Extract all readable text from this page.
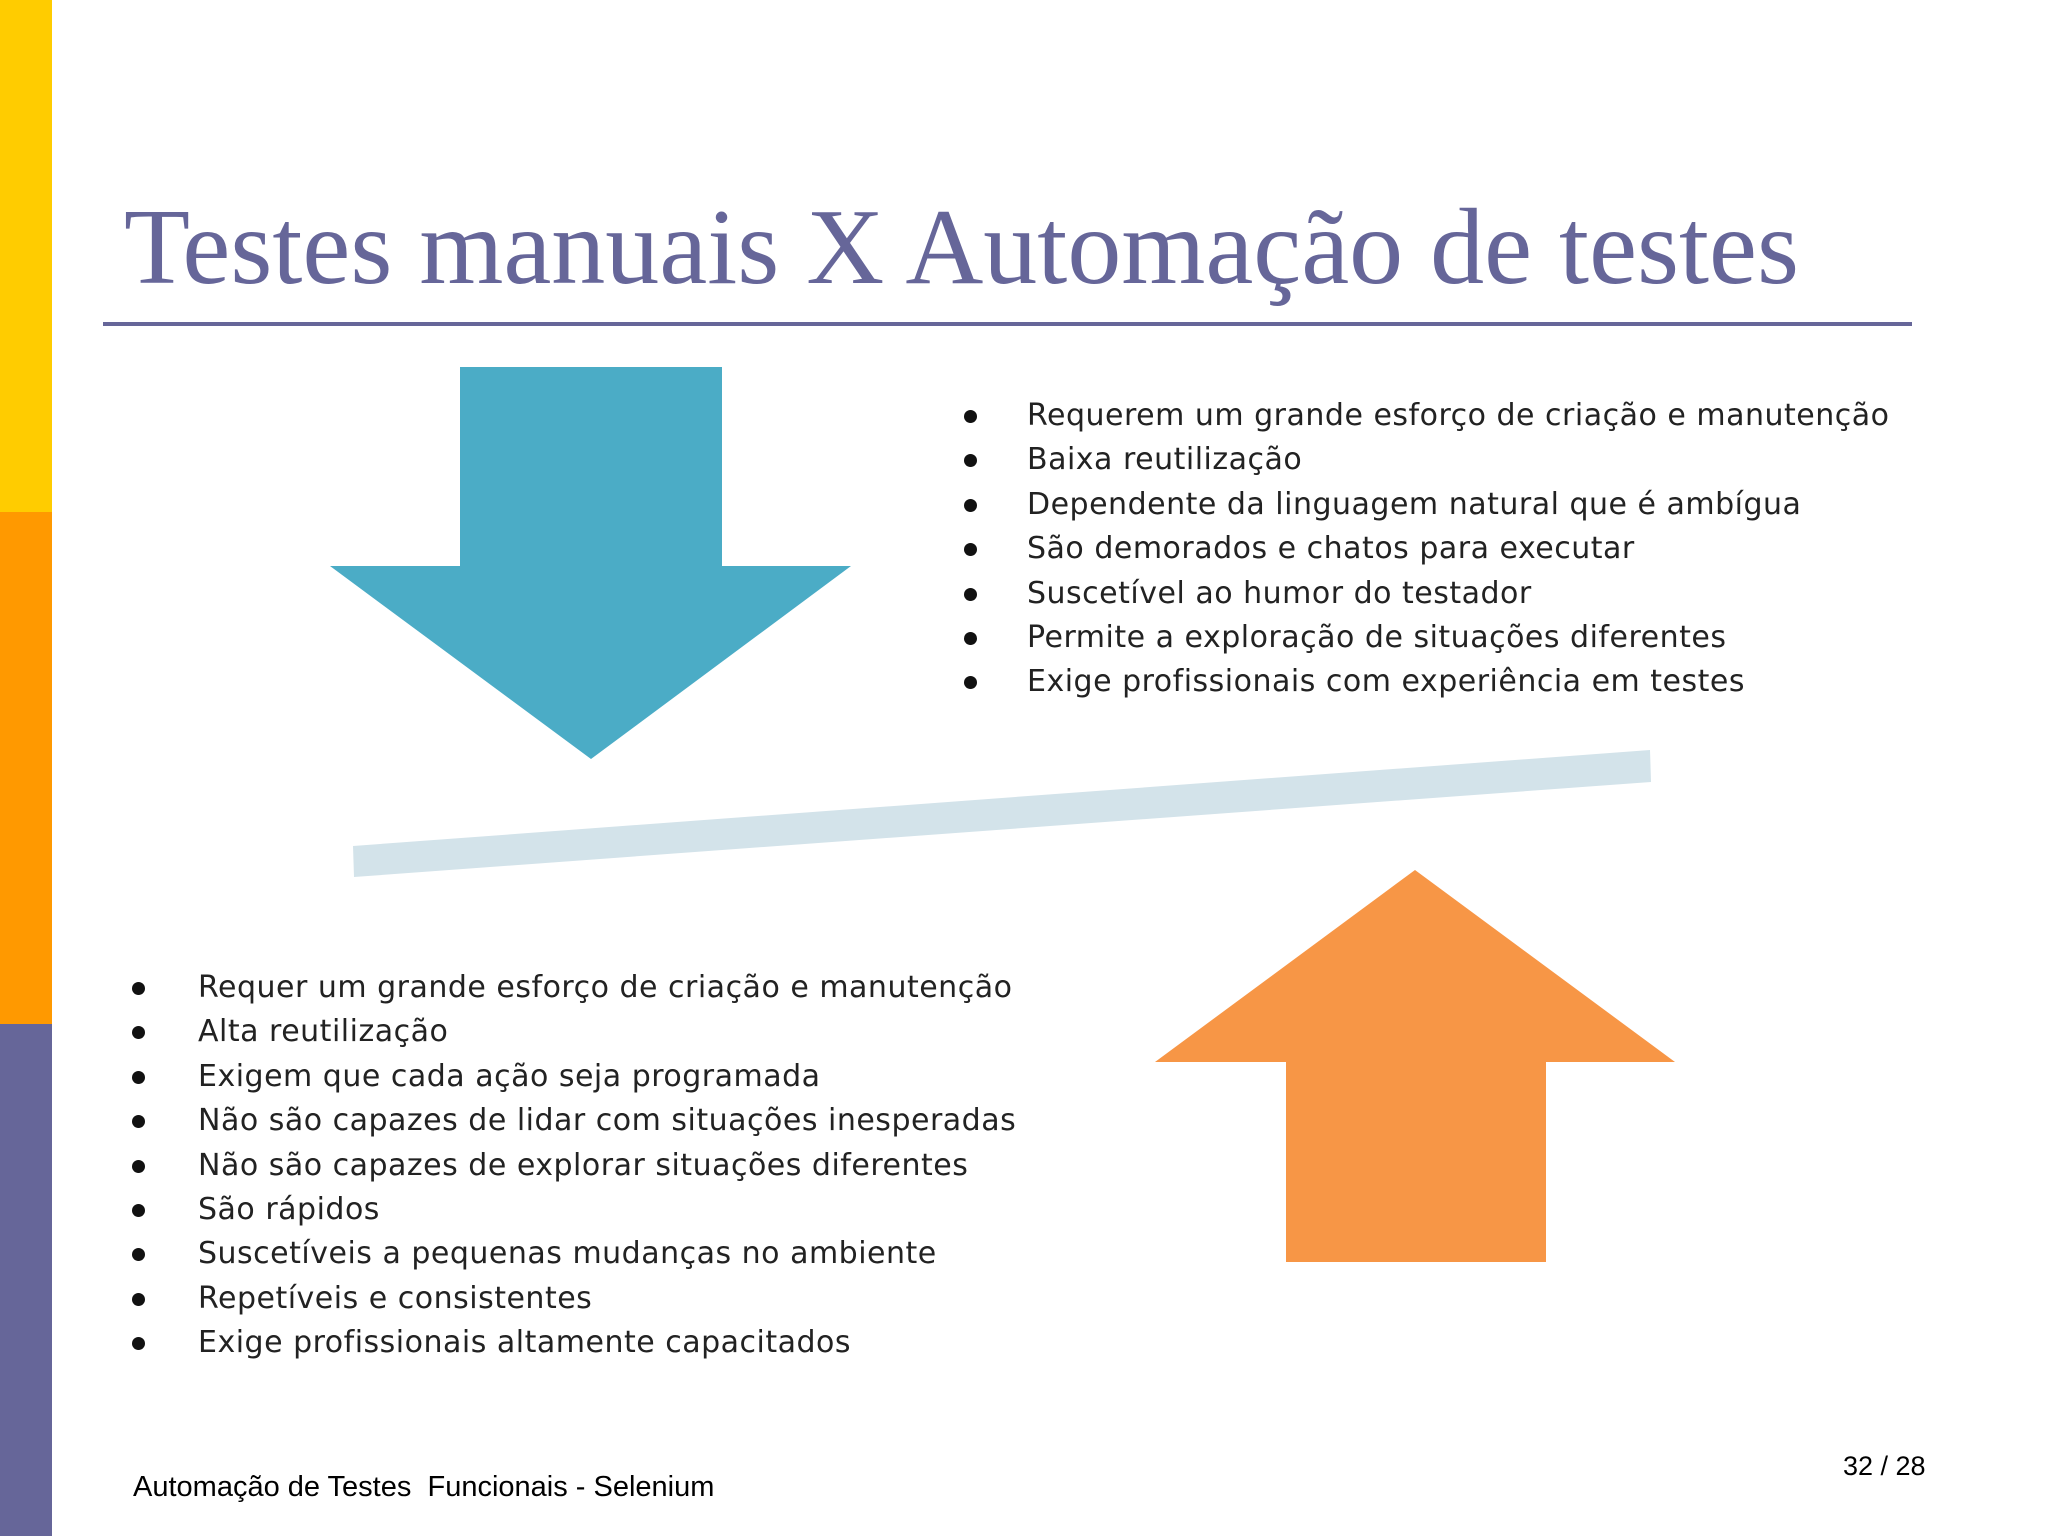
Testes manuais X Automação de testes
Requerem um grande esforço de criação e manutenção
Baixa reutilização
Dependente da linguagem natural que é ambígua
São demorados e chatos para executar
Suscetível ao humor do testador
Permite a exploração de situações diferentes
Exige profissionais com experiência em testes
Requer um grande esforço de criação e manutenção
Alta reutilização
Exigem que cada ação seja programada
Não são capazes de lidar com situações inesperadas
Não são capazes de explorar situações diferentes
São rápidos
Suscetíveis a pequenas mudanças no ambiente
Repetíveis e consistentes
Exige profissionais altamente capacitados
Automação de Testes  Funcionais - Selenium
32 / 28
